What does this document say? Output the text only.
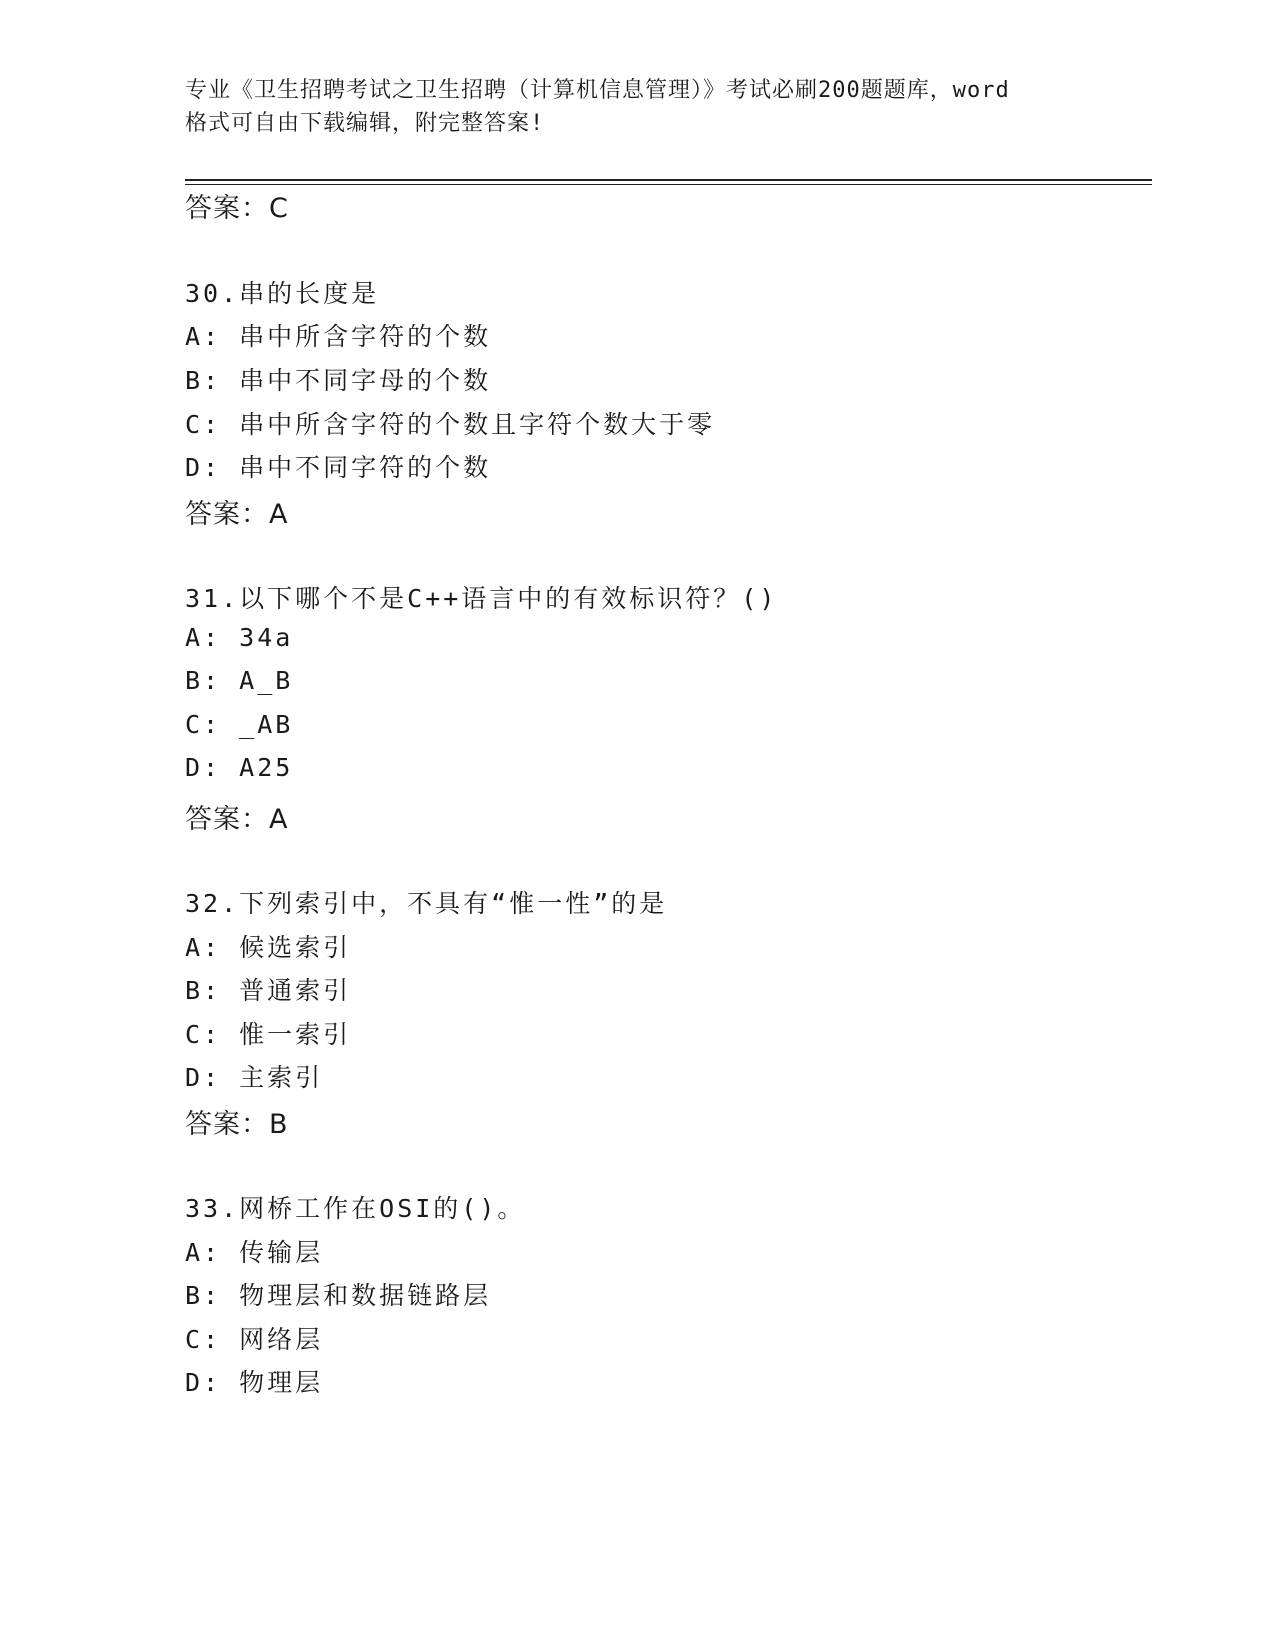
专业《卫生招聘考试之卫生招聘（计算机信息管理）》考试必刷200题题库，word
格式可自由下载编辑，附完整答案!
答案：C
30.串的长度是
A: 串中所含字符的个数
B: 串中不同字母的个数
C: 串中所含字符的个数且字符个数大于零
D: 串中不同字符的个数
答案：A
31.以下哪个不是C++语言中的有效标识符？()
A: 34a
B: A_B
C: _AB
D: A25
答案：A
32.下列索引中，不具有“惟一性”的是
A: 候选索引
B: 普通索引
C: 惟一索引
D: 主索引
答案：B
33.网桥工作在OSI的()。
A: 传输层
B: 物理层和数据链路层
C: 网络层
D: 物理层
